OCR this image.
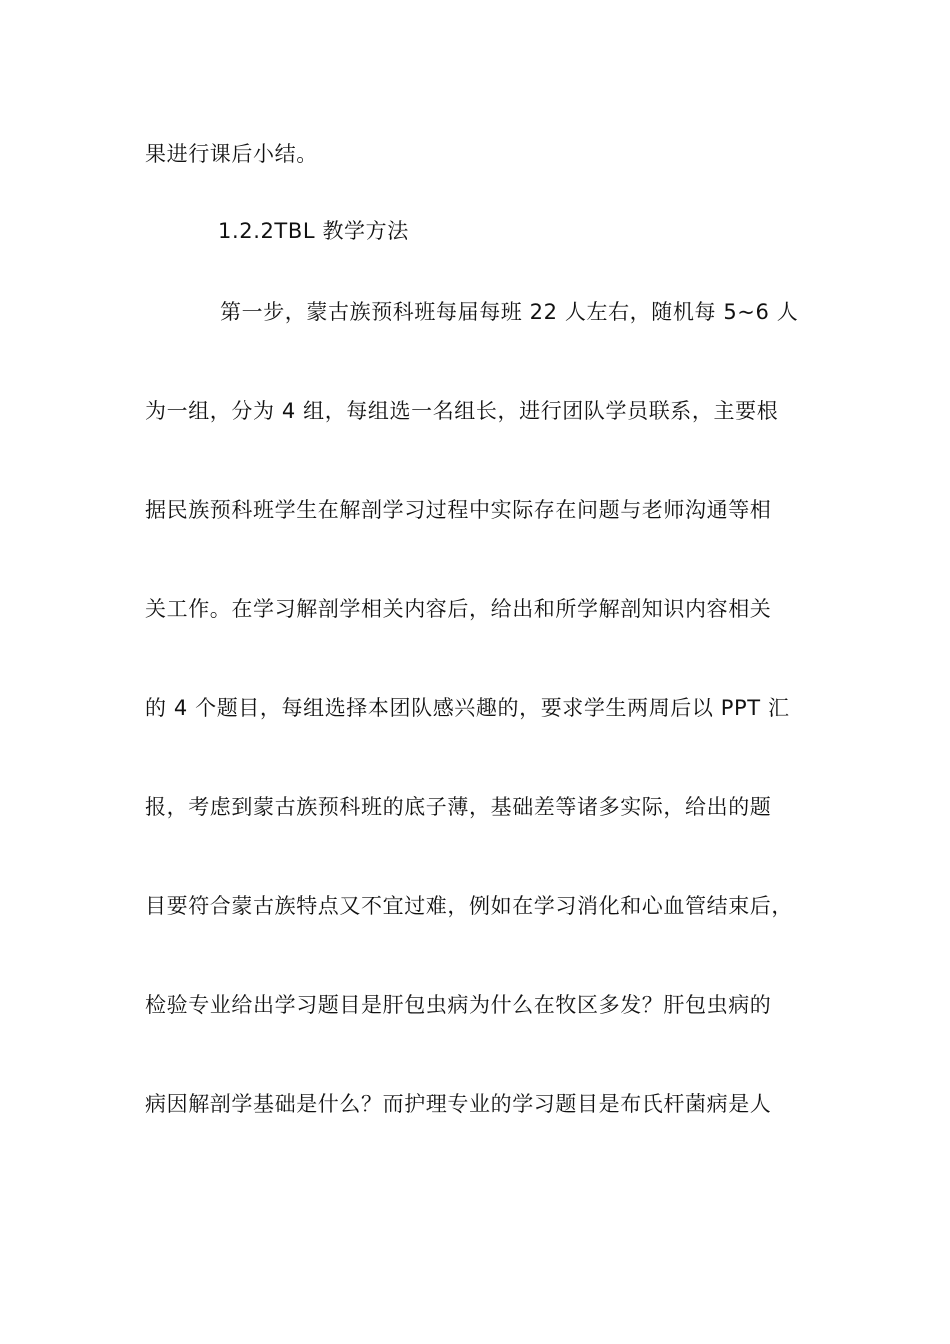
果进行课后小结。

1.2.2TBL 教学方法

第一步，蒙古族预科班每届每班 22 人左右，随机每 5~6 人

为一组，分为 4 组，每组选一名组长，进行团队学员联系，主要根

据民族预科班学生在解剖学习过程中实际存在问题与老师沟通等相

关工作。在学习解剖学相关内容后，给出和所学解剖知识内容相关

的 4 个题目，每组选择本团队感兴趣的，要求学生两周后以 PPT 汇

报，考虑到蒙古族预科班的底子薄，基础差等诸多实际，给出的题

目要符合蒙古族特点又不宜过难，例如在学习消化和心血管结束后，

检验专业给出学习题目是肝包虫病为什么在牧区多发？肝包虫病的

病因解剖学基础是什么？而护理专业的学习题目是布氏杆菌病是人
